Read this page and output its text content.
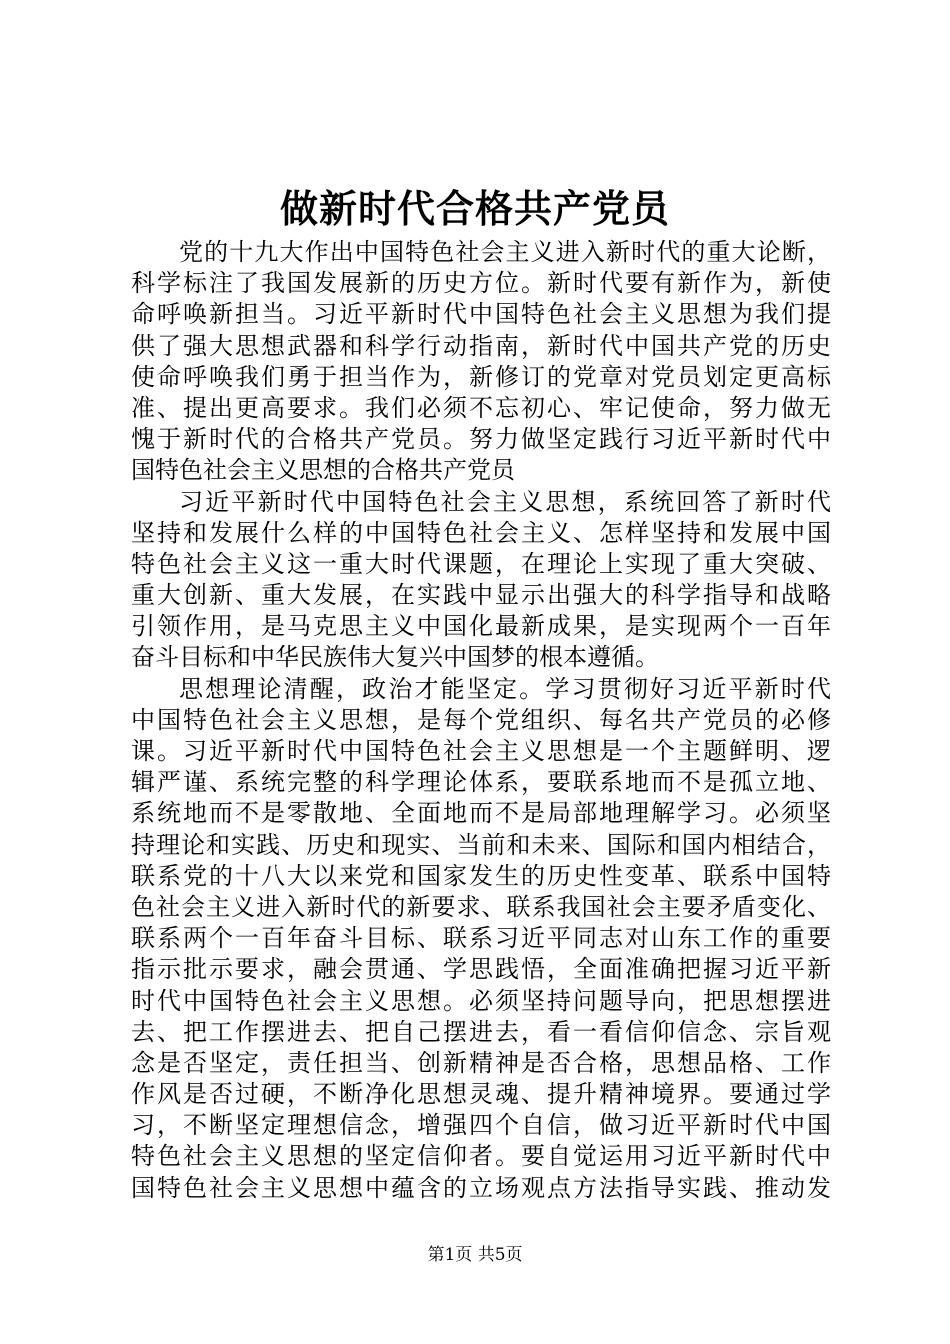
做新时代合格共产党员
党的十九大作出中国特色社会主义进入新时代的重大论断，
科学标注了我国发展新的历史方位。新时代要有新作为，新使
命呼唤新担当。习近平新时代中国特色社会主义思想为我们提
供了强大思想武器和科学行动指南，新时代中国共产党的历史
使命呼唤我们勇于担当作为，新修订的党章对党员划定更高标
准、提出更高要求。我们必须不忘初心、牢记使命，努力做无
愧于新时代的合格共产党员。努力做坚定践行习近平新时代中
国特色社会主义思想的合格共产党员
习近平新时代中国特色社会主义思想，系统回答了新时代
坚持和发展什么样的中国特色社会主义、怎样坚持和发展中国
特色社会主义这一重大时代课题，在理论上实现了重大突破、
重大创新、重大发展，在实践中显示出强大的科学指导和战略
引领作用，是马克思主义中国化最新成果，是实现两个一百年
奋斗目标和中华民族伟大复兴中国梦的根本遵循。
思想理论清醒，政治才能坚定。学习贯彻好习近平新时代
中国特色社会主义思想，是每个党组织、每名共产党员的必修
课。习近平新时代中国特色社会主义思想是一个主题鲜明、逻
辑严谨、系统完整的科学理论体系，要联系地而不是孤立地、
系统地而不是零散地、全面地而不是局部地理解学习。必须坚
持理论和实践、历史和现实、当前和未来、国际和国内相结合，
联系党的十八大以来党和国家发生的历史性变革、联系中国特
色社会主义进入新时代的新要求、联系我国社会主要矛盾变化、
联系两个一百年奋斗目标、联系习近平同志对山东工作的重要
指示批示要求，融会贯通、学思践悟，全面准确把握习近平新
时代中国特色社会主义思想。必须坚持问题导向，把思想摆进
去、把工作摆进去、把自己摆进去，看一看信仰信念、宗旨观
念是否坚定，责任担当、创新精神是否合格，思想品格、工作
作风是否过硬，不断净化思想灵魂、提升精神境界。要通过学
习，不断坚定理想信念，增强四个自信，做习近平新时代中国
特色社会主义思想的坚定信仰者。要自觉运用习近平新时代中
国特色社会主义思想中蕴含的立场观点方法指导实践、推动发
第1页 共5页
